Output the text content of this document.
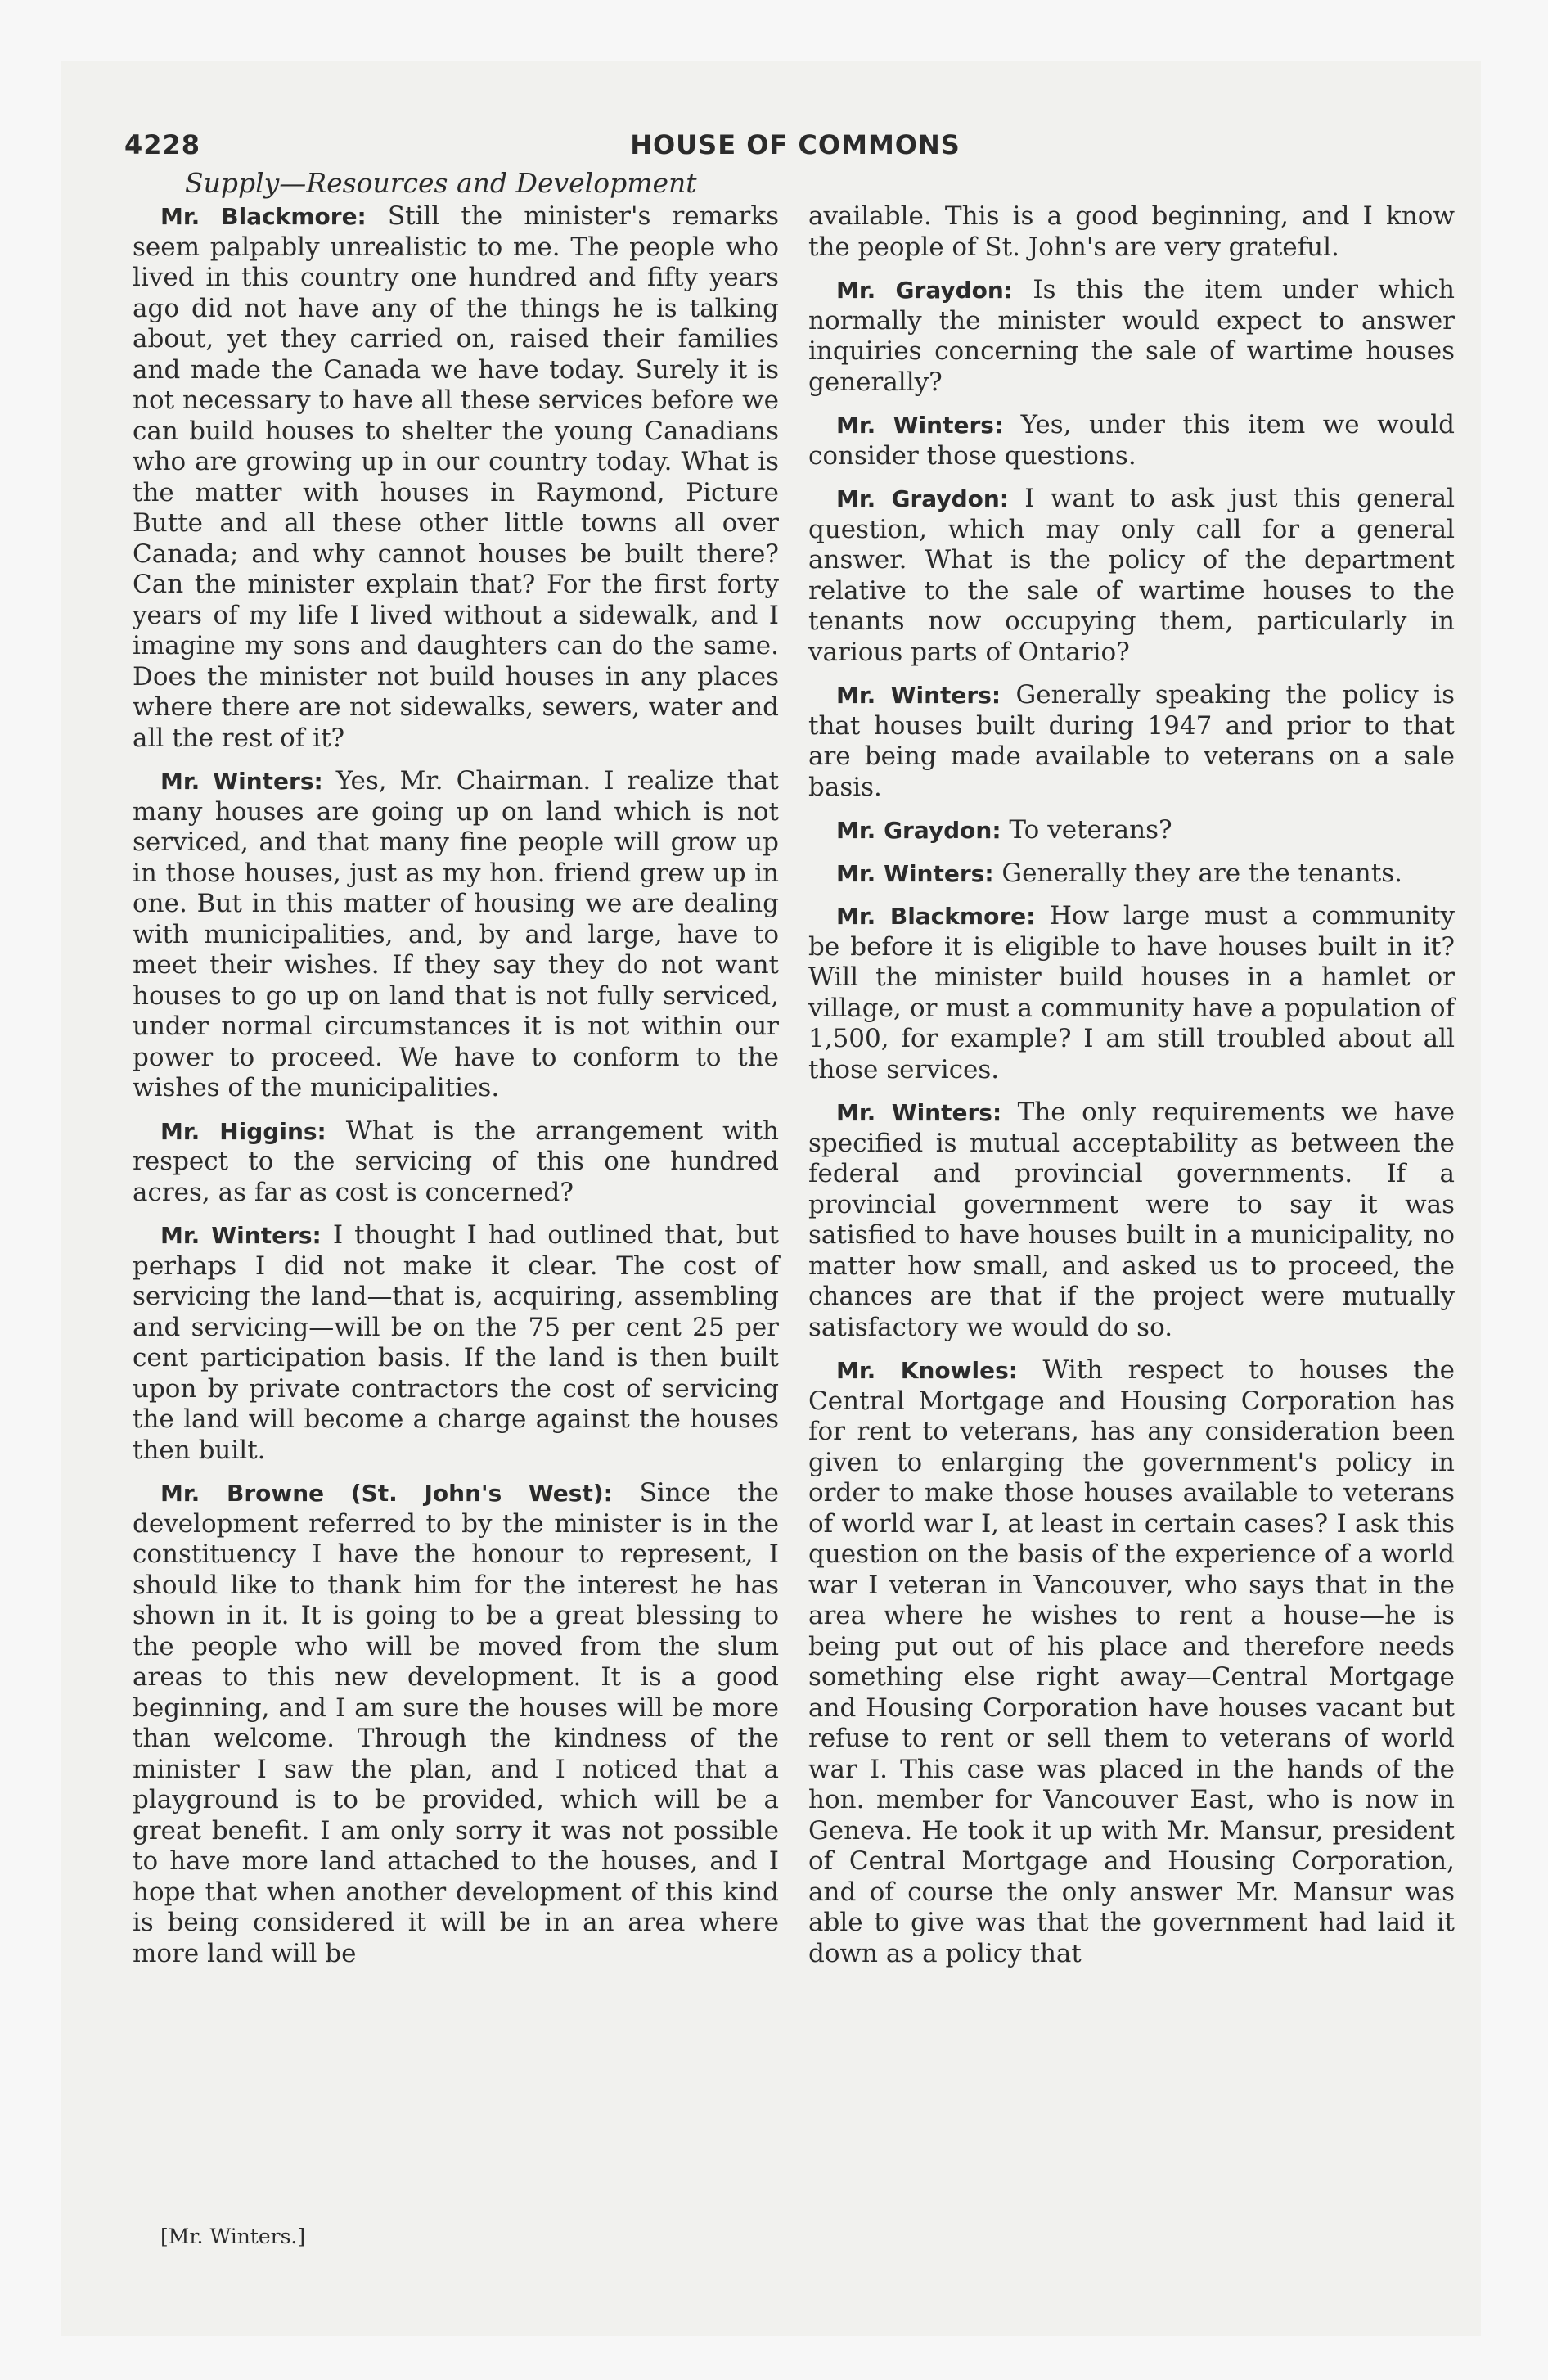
4228	HOUSE OF COMMONS
Supply—Resources and Development

Mr. Blackmore: Still the minister's remarks seem palpably unrealistic to me. The people who lived in this country one hundred and fifty years ago did not have any of the things he is talking about, yet they carried on, raised their families and made the Canada we have today. Surely it is not necessary to have all these services before we can build houses to shelter the young Canadians who are growing up in our country today. What is the matter with houses in Raymond, Picture Butte and all these other little towns all over Canada; and why cannot houses be built there? Can the minister explain that? For the first forty years of my life I lived without a sidewalk, and I imagine my sons and daughters can do the same. Does the minister not build houses in any places where there are not sidewalks, sewers, water and all the rest of it?

Mr. Winters: Yes, Mr. Chairman. I realize that many houses are going up on land which is not serviced, and that many fine people will grow up in those houses, just as my hon. friend grew up in one. But in this matter of housing we are dealing with municipalities, and, by and large, have to meet their wishes. If they say they do not want houses to go up on land that is not fully serviced, under normal circumstances it is not within our power to proceed. We have to conform to the wishes of the municipalities.

Mr. Higgins: What is the arrangement with respect to the servicing of this one hundred acres, as far as cost is concerned?

Mr. Winters: I thought I had outlined that, but perhaps I did not make it clear. The cost of servicing the land—that is, acquiring, assembling and servicing—will be on the 75 per cent 25 per cent participation basis. If the land is then built upon by private contractors the cost of servicing the land will become a charge against the houses then built.

Mr. Browne (St. John's West): Since the development referred to by the minister is in the constituency I have the honour to represent, I should like to thank him for the interest he has shown in it. It is going to be a great blessing to the people who will be moved from the slum areas to this new development. It is a good beginning, and I am sure the houses will be more than welcome. Through the kindness of the minister I saw the plan, and I noticed that a playground is to be provided, which will be a great benefit. I am only sorry it was not possible to have more land attached to the houses, and I hope that when another development of this kind is being considered it will be in an area where more land will be

available. This is a good beginning, and I know the people of St. John's are very grateful.

Mr. Graydon: Is this the item under which normally the minister would expect to answer inquiries concerning the sale of wartime houses generally?

Mr. Winters: Yes, under this item we would consider those questions.

Mr. Graydon: I want to ask just this general question, which may only call for a general answer. What is the policy of the department relative to the sale of wartime houses to the tenants now occupying them, particularly in various parts of Ontario?

Mr. Winters: Generally speaking the policy is that houses built during 1947 and prior to that are being made available to veterans on a sale basis.

Mr. Graydon: To veterans?

Mr. Winters: Generally they are the tenants.

Mr. Blackmore: How large must a community be before it is eligible to have houses built in it? Will the minister build houses in a hamlet or village, or must a community have a population of 1,500, for example? I am still troubled about all those services.

Mr. Winters: The only requirements we have specified is mutual acceptability as between the federal and provincial governments. If a provincial government were to say it was satisfied to have houses built in a municipality, no matter how small, and asked us to proceed, the chances are that if the project were mutually satisfactory we would do so.

Mr. Knowles: With respect to houses the Central Mortgage and Housing Corporation has for rent to veterans, has any consideration been given to enlarging the government's policy in order to make those houses available to veterans of world war I, at least in certain cases? I ask this question on the basis of the experience of a world war I veteran in Vancouver, who says that in the area where he wishes to rent a house—he is being put out of his place and therefore needs something else right away—Central Mortgage and Housing Corporation have houses vacant but refuse to rent or sell them to veterans of world war I. This case was placed in the hands of the hon. member for Vancouver East, who is now in Geneva. He took it up with Mr. Mansur, president of Central Mortgage and Housing Corporation, and of course the only answer Mr. Mansur was able to give was that the government had laid it down as a policy that

[Mr. Winters.]
